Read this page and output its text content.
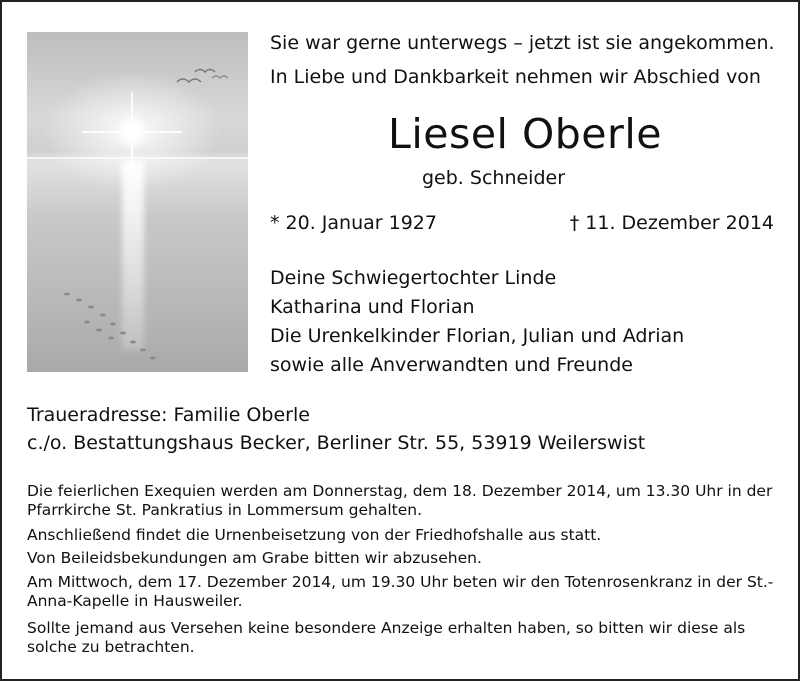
Sie war gerne unterwegs – jetzt ist sie angekommen.
In Liebe und Dankbarkeit nehmen wir Abschied von
Liesel Oberle
geb. Schneider
* 20. Januar 1927	† 11. Dezember 2014
Deine Schwiegertochter Linde
Katharina und Florian
Die Urenkelkinder Florian, Julian und Adrian
sowie alle Anverwandten und Freunde
Traueradresse: Familie Oberle
c./o. Bestattungshaus Becker, Berliner Str. 55, 53919 Weilerswist
Die feierlichen Exequien werden am Donnerstag, dem 18. Dezember 2014, um 13.30 Uhr in der Pfarrkirche St. Pankratius in Lommersum gehalten.
Anschließend findet die Urnenbeisetzung von der Friedhofshalle aus statt.
Von Beileidsbekundungen am Grabe bitten wir abzusehen.
Am Mittwoch, dem 17. Dezember 2014, um 19.30 Uhr beten wir den Totenrosenkranz in der St.-Anna-Kapelle in Hausweiler.
Sollte jemand aus Versehen keine besondere Anzeige erhalten haben, so bitten wir diese als solche zu betrachten.
